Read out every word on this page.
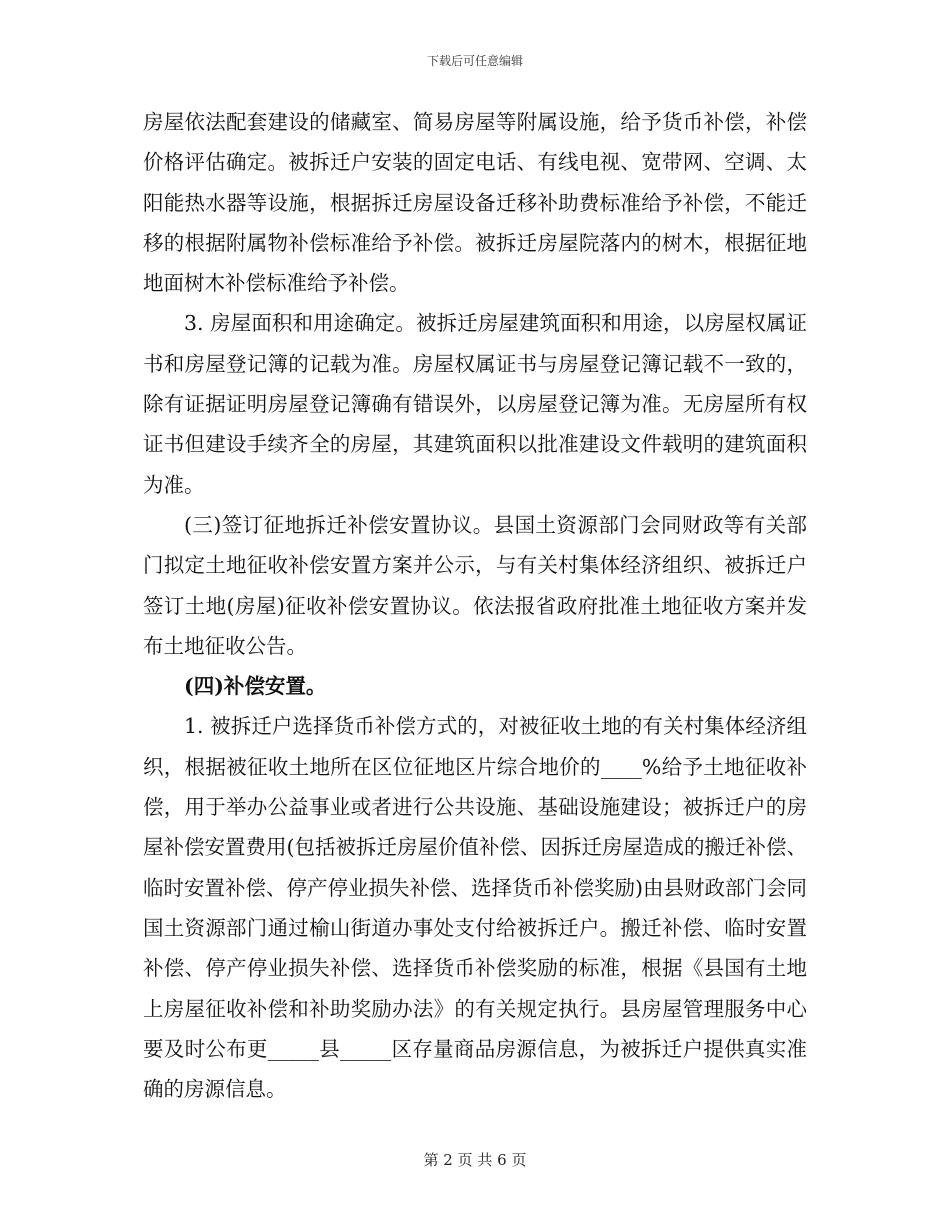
下载后可任意编辑

房屋依法配套建设的储藏室、简易房屋等附属设施，给予货币补偿，补偿价格评估确定。被拆迁户安装的固定电话、有线电视、宽带网、空调、太阳能热水器等设施，根据拆迁房屋设备迁移补助费标准给予补偿，不能迁移的根据附属物补偿标准给予补偿。被拆迁房屋院落内的树木，根据征地地面树木补偿标准给予补偿。

3. 房屋面积和用途确定。被拆迁房屋建筑面积和用途，以房屋权属证书和房屋登记簿的记载为准。房屋权属证书与房屋登记簿记载不一致的，除有证据证明房屋登记簿确有错误外，以房屋登记簿为准。无房屋所有权证书但建设手续齐全的房屋，其建筑面积以批准建设文件载明的建筑面积为准。

(三)签订征地拆迁补偿安置协议。县国土资源部门会同财政等有关部门拟定土地征收补偿安置方案并公示，与有关村集体经济组织、被拆迁户签订土地(房屋)征收补偿安置协议。依法报省政府批准土地征收方案并发布土地征收公告。

(四)补偿安置。

1. 被拆迁户选择货币补偿方式的，对被征收土地的有关村集体经济组织，根据被征收土地所在区位征地区片综合地价的____%给予土地征收补偿，用于举办公益事业或者进行公共设施、基础设施建设；被拆迁户的房屋补偿安置费用(包括被拆迁房屋价值补偿、因拆迁房屋造成的搬迁补偿、临时安置补偿、停产停业损失补偿、选择货币补偿奖励)由县财政部门会同国土资源部门通过榆山街道办事处支付给被拆迁户。搬迁补偿、临时安置补偿、停产停业损失补偿、选择货币补偿奖励的标准，根据《县国有土地上房屋征收补偿和补助奖励办法》的有关规定执行。县房屋管理服务中心要及时公布更_____县_____区存量商品房源信息，为被拆迁户提供真实准确的房源信息。

第 2 页 共 6 页
